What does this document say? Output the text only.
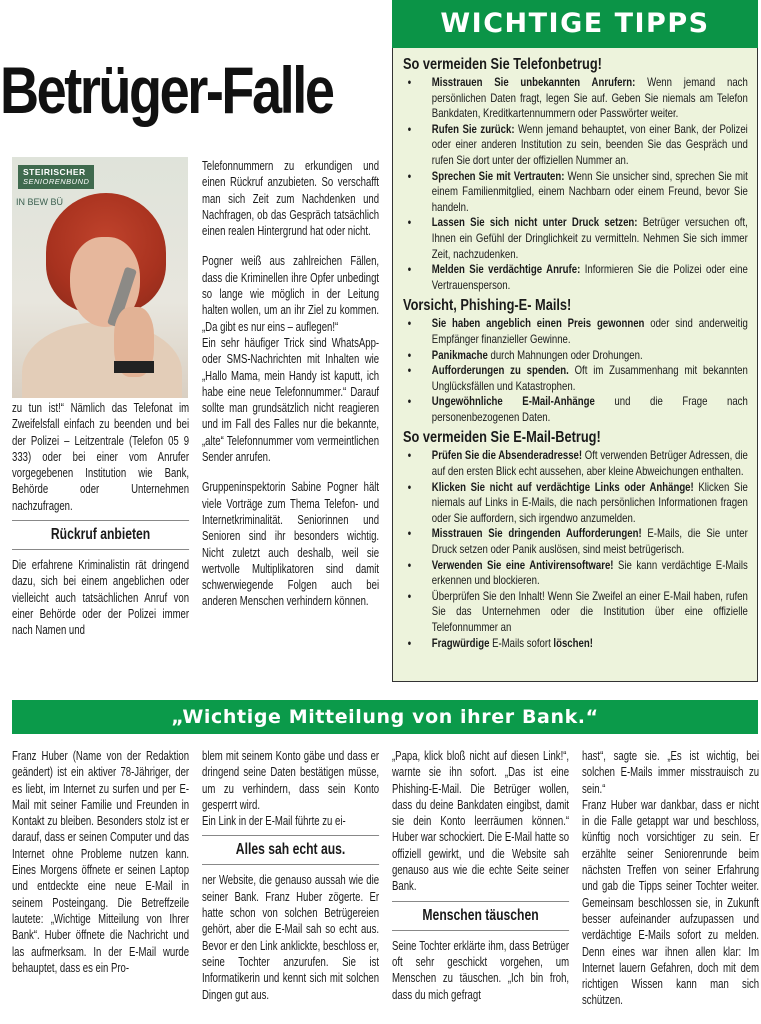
Betrüger-Falle
STEIRISCHER
SENIORENBUND
IN BEW BÜ

zu tun ist!“ Nämlich das Telefonat im Zweifelsfall einfach zu beenden und bei der Polizei – Leitzentrale (Telefon 05 9 333) oder bei einer vom Anrufer vorgegebenen Institution wie Bank, Behörde oder Unternehmen nachzufragen.

Rückruf anbieten

Die erfahrene Kriminalistin rät dringend dazu, sich bei einem angeblichen oder vielleicht auch tatsächlichen Anruf von einer Behörde oder der Polizei immer nach Namen und

Telefonnummern zu erkundigen und einen Rückruf anzubieten. So verschafft man sich Zeit zum Nachdenken und Nachfragen, ob das Gespräch tatsächlich einen realen Hintergrund hat oder nicht.

Pogner weiß aus zahlreichen Fällen, dass die Kriminellen ihre Opfer unbedingt so lange wie möglich in der Leitung halten wollen, um an ihr Ziel zu kommen. „Da gibt es nur eins – auflegen!“

Ein sehr häufiger Trick sind WhatsApp- oder SMS-Nachrichten mit Inhalten wie „Hallo Mama, mein Handy ist kaputt, ich habe eine neue Telefonnummer.“ Darauf sollte man grundsätzlich nicht reagieren und im Fall des Falles nur die bekannte, „alte“ Telefonnummer vom vermeintlichen Sender anrufen.

Gruppeninspektorin Sabine Pogner hält viele Vorträge zum Thema Telefon- und Internetkriminalität. Seniorinnen und Senioren sind ihr besonders wichtig. Nicht zuletzt auch deshalb, weil sie wertvolle Multiplikatoren sind damit schwerwiegende Folgen auch bei anderen Menschen verhindern können.

WICHTIGE TIPPS
So vermeiden Sie Telefonbetrug!
• Misstrauen Sie unbekannten Anrufern: Wenn jemand nach persönlichen Daten fragt, legen Sie auf. Geben Sie niemals am Telefon Bankdaten, Kreditkartennummern oder Passwörter weiter.
• Rufen Sie zurück: Wenn jemand behauptet, von einer Bank, der Polizei oder einer anderen Institution zu sein, beenden Sie das Gespräch und rufen Sie dort unter der offiziellen Nummer an.
• Sprechen Sie mit Vertrauten: Wenn Sie unsicher sind, sprechen Sie mit einem Familienmitglied, einem Nachbarn oder einem Freund, bevor Sie handeln.
• Lassen Sie sich nicht unter Druck setzen: Betrüger versuchen oft, Ihnen ein Gefühl der Dringlichkeit zu vermitteln. Nehmen Sie sich immer Zeit, nachzudenken.
• Melden Sie verdächtige Anrufe: Informieren Sie die Polizei oder eine Vertrauensperson.
Vorsicht, Phishing-E- Mails!
• Sie haben angeblich einen Preis gewonnen oder sind anderweitig Empfänger finanzieller Gewinne.
• Panikmache durch Mahnungen oder Drohungen.
• Aufforderungen zu spenden. Oft im Zusammenhang mit bekannten Unglücksfällen und Katastrophen.
• Ungewöhnliche E-Mail-Anhänge und die Frage nach personenbezogenen Daten.
So vermeiden Sie E-Mail-Betrug!
• Prüfen Sie die Absenderadresse! Oft verwenden Betrüger Adressen, die auf den ersten Blick echt aussehen, aber kleine Abweichungen enthalten.
• Klicken Sie nicht auf verdächtige Links oder Anhänge! Klicken Sie niemals auf Links in E-Mails, die nach persönlichen Informationen fragen oder Sie auffordern, sich irgendwo anzumelden.
• Misstrauen Sie dringenden Aufforderungen! E-Mails, die Sie unter Druck setzen oder Panik auslösen, sind meist betrügerisch.
• Verwenden Sie eine Antivirensoftware! Sie kann verdächtige E-Mails erkennen und blockieren.
• Überprüfen Sie den Inhalt! Wenn Sie Zweifel an einer E-Mail haben, rufen Sie das Unternehmen oder die Institution über eine offizielle Telefonnummer an
• Fragwürdige E-Mails sofort löschen!
„Wichtige Mitteilung von ihrer Bank.“

Franz Huber (Name von der Redaktion geändert) ist ein aktiver 78-Jähriger, der es liebt, im Internet zu surfen und per E-Mail mit seiner Familie und Freunden in Kontakt zu bleiben. Besonders stolz ist er darauf, dass er seinen Computer und das Internet ohne Probleme nutzen kann. Eines Morgens öffnete er seinen Laptop und entdeckte eine neue E-Mail in seinem Posteingang. Die Betreffzeile lautete: „Wichtige Mitteilung von Ihrer Bank“. Huber öffnete die Nachricht und las aufmerksam. In der E-Mail wurde behauptet, dass es ein Pro-

blem mit seinem Konto gäbe und dass er dringend seine Daten bestätigen müsse, um zu verhindern, dass sein Konto gesperrt wird.

Ein Link in der E-Mail führte zu ei-

Alles sah echt aus.

ner Website, die genauso aussah wie die seiner Bank. Franz Huber zögerte. Er hatte schon von solchen Betrügereien gehört, aber die E-Mail sah so echt aus. Bevor er den Link anklickte, beschloss er, seine Tochter anzurufen. Sie ist Informatikerin und kennt sich mit solchen Dingen gut aus.

„Papa, klick bloß nicht auf diesen Link!“, warnte sie ihn sofort. „Das ist eine Phishing-E-Mail. Die Betrüger wollen, dass du deine Bankdaten eingibst, damit sie dein Konto leerräumen können.“ Huber war schockiert. Die E-Mail hatte so offiziell gewirkt, und die Website sah genauso aus wie die echte Seite seiner Bank.

Menschen täuschen

Seine Tochter erklärte ihm, dass Betrüger oft sehr geschickt vorgehen, um Menschen zu täuschen. „Ich bin froh, dass du mich gefragt

hast“, sagte sie. „Es ist wichtig, bei solchen E-Mails immer misstrauisch zu sein.“

Franz Huber war dankbar, dass er nicht in die Falle getappt war und beschloss, künftig noch vorsichtiger zu sein. Er erzählte seiner Seniorenrunde beim nächsten Treffen von seiner Erfahrung und gab die Tipps seiner Tochter weiter. Gemeinsam beschlossen sie, in Zukunft besser aufeinander aufzupassen und verdächtige E-Mails sofort zu melden. Denn eines war ihnen allen klar: Im Internet lauern Gefahren, doch mit dem richtigen Wissen kann man sich schützen.
